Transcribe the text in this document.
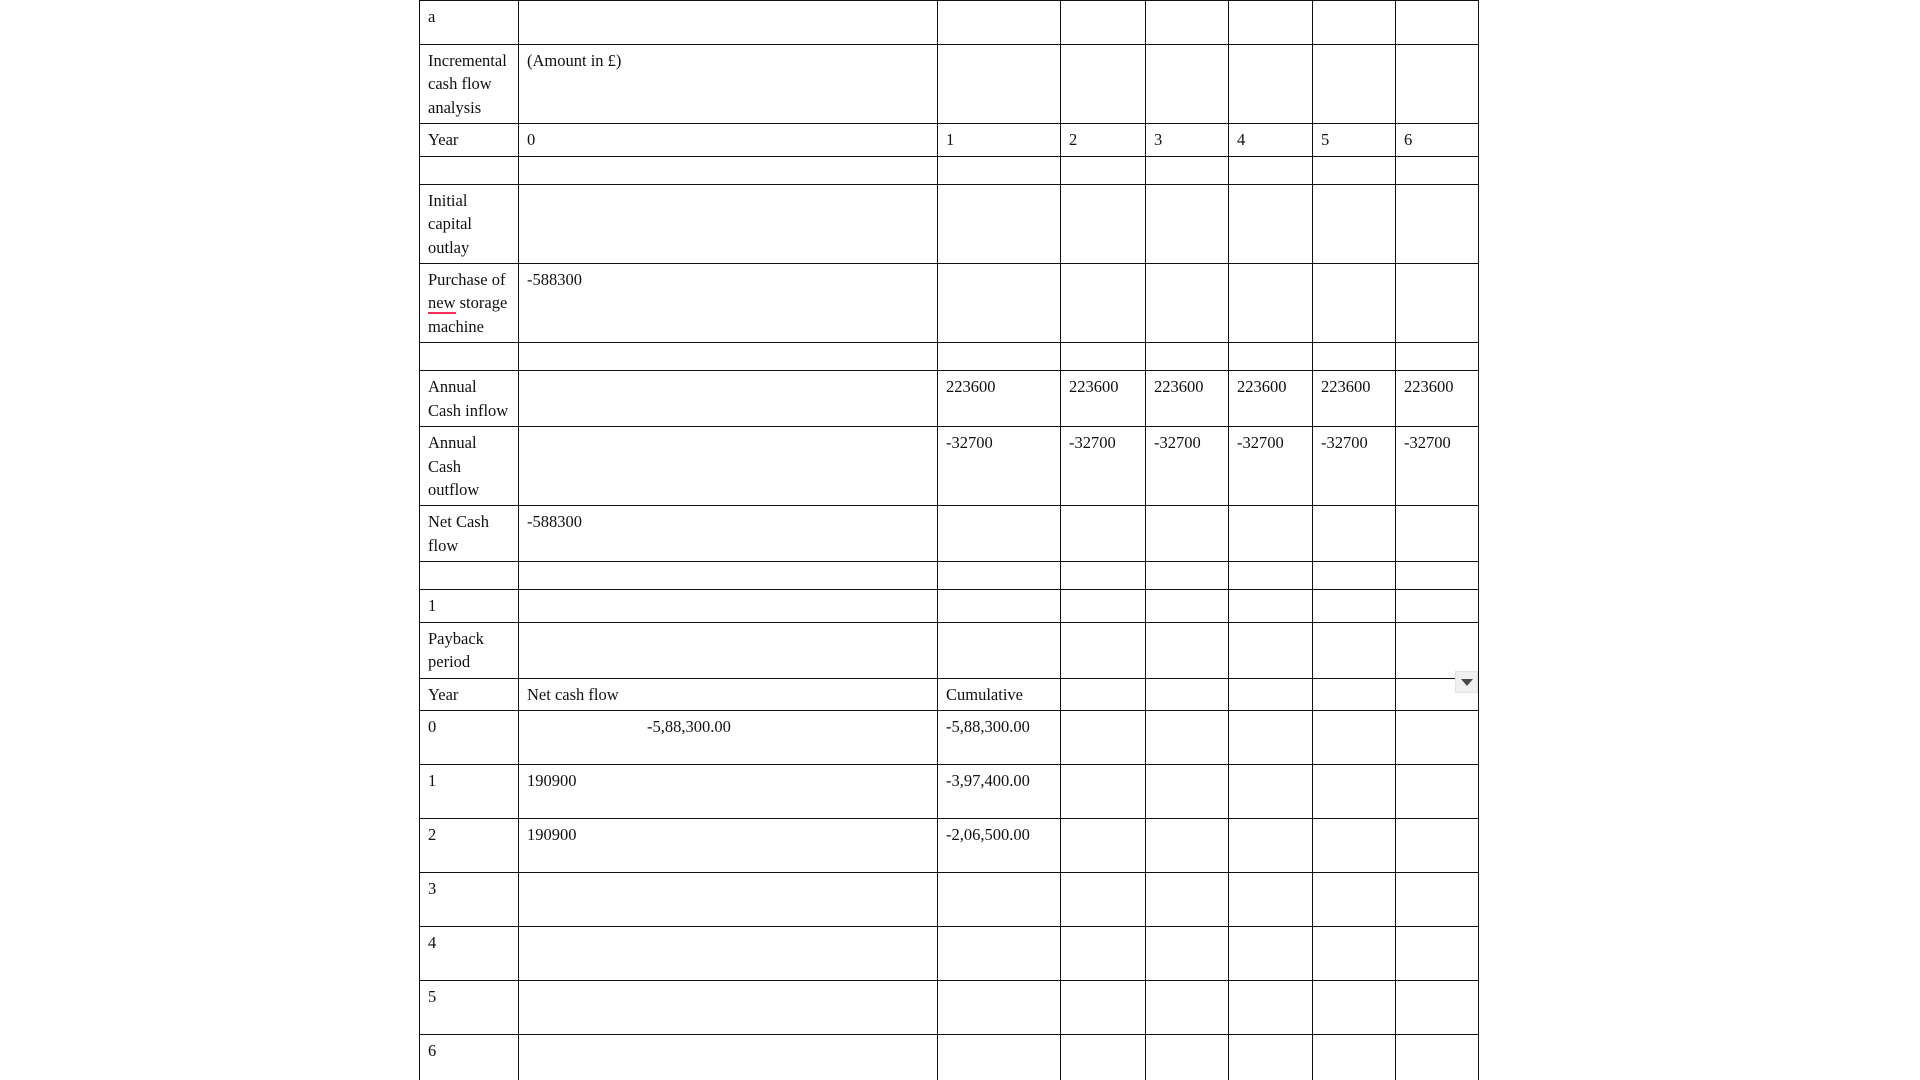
a							
Incremental cash flow analysis	(Amount in £)						
Year	0	1	2	3	4	5	6

Initial capital outlay							
Purchase of new storage machine	-588300						

Annual Cash inflow		223600	223600	223600	223600	223600	223600
Annual Cash outflow		-32700	-32700	-32700	-32700	-32700	-32700
Net Cash flow	-588300						

1							
Payback period							
Year	Net cash flow	Cumulative					
0	-5,88,300.00	-5,88,300.00					
1	190900	-3,97,400.00					
2	190900	-2,06,500.00					
3							
4							
5							
6							
